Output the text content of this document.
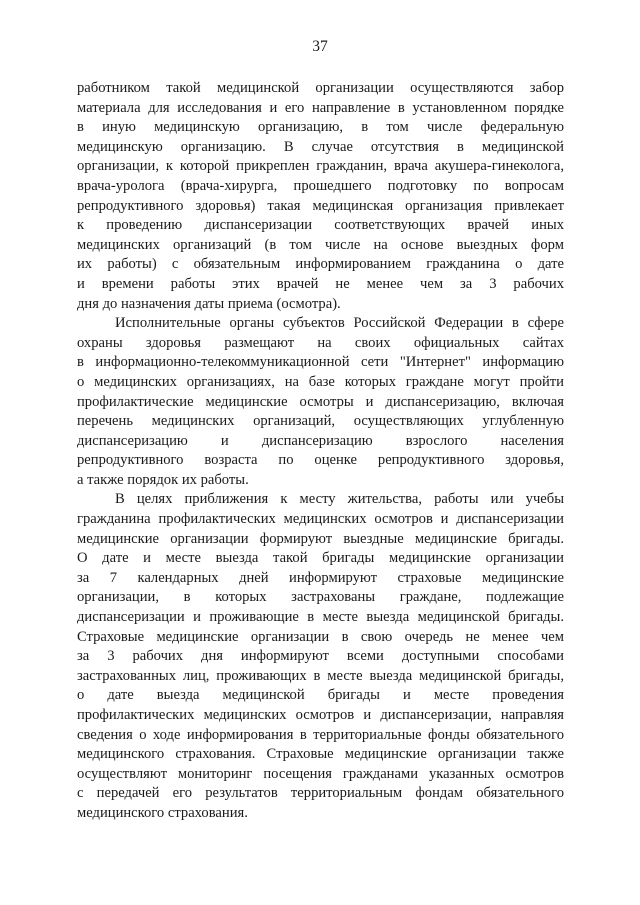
37

работником такой медицинской организации осуществляются забор
материала для исследования и его направление в установленном порядке
в иную медицинскую организацию, в том числе федеральную
медицинскую организацию. В случае отсутствия в медицинской
организации, к которой прикреплен гражданин, врача акушера-гинеколога,
врача-уролога (врача-хирурга, прошедшего подготовку по вопросам
репродуктивного здоровья) такая медицинская организация привлекает
к проведению диспансеризации соответствующих врачей иных
медицинских организаций (в том числе на основе выездных форм
их работы) с обязательным информированием гражданина о дате
и времени работы этих врачей не менее чем за 3 рабочих
дня до назначения даты приема (осмотра).

Исполнительные органы субъектов Российской Федерации в сфере
охраны здоровья размещают на своих официальных сайтах
в информационно-телекоммуникационной сети "Интернет" информацию
о медицинских организациях, на базе которых граждане могут пройти
профилактические медицинские осмотры и диспансеризацию, включая
перечень медицинских организаций, осуществляющих углубленную
диспансеризацию и диспансеризацию взрослого населения
репродуктивного возраста по оценке репродуктивного здоровья,
а также порядок их работы.

В целях приближения к месту жительства, работы или учебы
гражданина профилактических медицинских осмотров и диспансеризации
медицинские организации формируют выездные медицинские бригады.
О дате и месте выезда такой бригады медицинские организации
за 7 календарных дней информируют страховые медицинские
организации, в которых застрахованы граждане, подлежащие
диспансеризации и проживающие в месте выезда медицинской бригады.
Страховые медицинские организации в свою очередь не менее чем
за 3 рабочих дня информируют всеми доступными способами
застрахованных лиц, проживающих в месте выезда медицинской бригады,
о дате выезда медицинской бригады и месте проведения
профилактических медицинских осмотров и диспансеризации, направляя
сведения о ходе информирования в территориальные фонды обязательного
медицинского страхования. Страховые медицинские организации также
осуществляют мониторинг посещения гражданами указанных осмотров
с передачей его результатов территориальным фондам обязательного
медицинского страхования.
